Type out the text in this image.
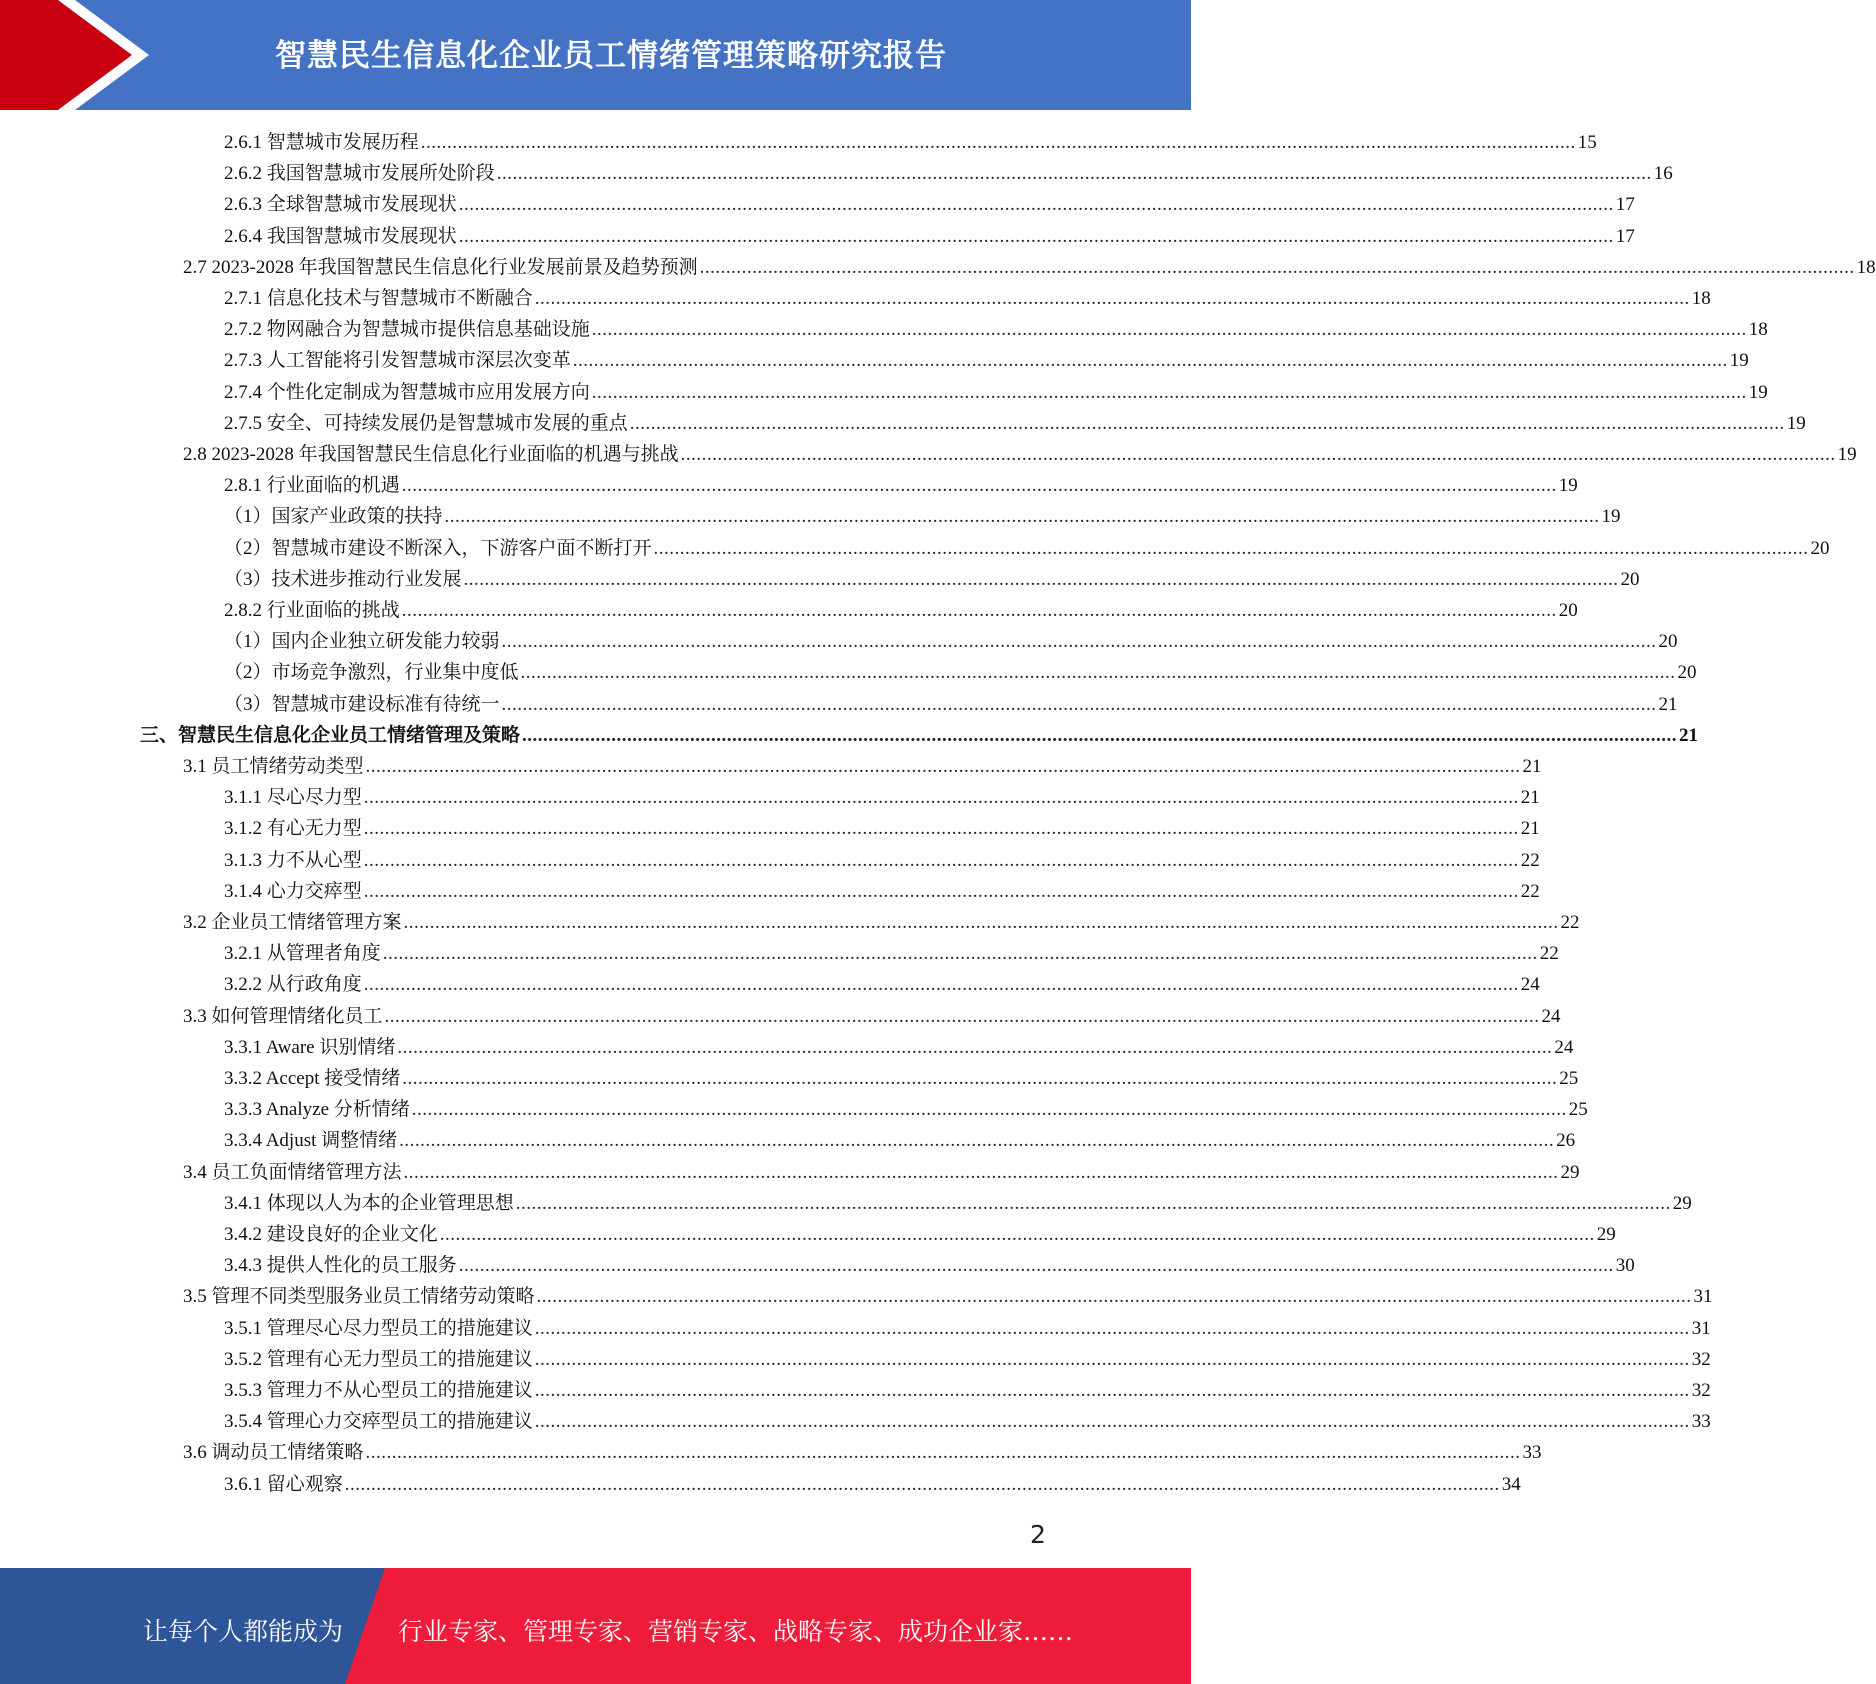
智慧民生信息化企业员工情绪管理策略研究报告
2.6.1 智慧城市发展历程 ............................................................................................................................................................................................................................ 15
2.6.2 我国智慧城市发展所处阶段 ............................................................................................................................................................................................................................ 16
2.6.3 全球智慧城市发展现状 ............................................................................................................................................................................................................................ 17
2.6.4 我国智慧城市发展现状 ............................................................................................................................................................................................................................ 17
2.7 2023-2028 年我国智慧民生信息化行业发展前景及趋势预测 ............................................................................................................................................................................................................................ 18
2.7.1 信息化技术与智慧城市不断融合 ............................................................................................................................................................................................................................ 18
2.7.2 物网融合为智慧城市提供信息基础设施 ............................................................................................................................................................................................................................ 18
2.7.3 人工智能将引发智慧城市深层次变革 ............................................................................................................................................................................................................................ 19
2.7.4 个性化定制成为智慧城市应用发展方向 ............................................................................................................................................................................................................................ 19
2.7.5 安全、可持续发展仍是智慧城市发展的重点 ............................................................................................................................................................................................................................ 19
2.8 2023-2028 年我国智慧民生信息化行业面临的机遇与挑战 ............................................................................................................................................................................................................................ 19
2.8.1 行业面临的机遇 ............................................................................................................................................................................................................................ 19
（1）国家产业政策的扶持 ............................................................................................................................................................................................................................ 19
（2）智慧城市建设不断深入，下游客户面不断打开 ............................................................................................................................................................................................................................ 20
（3）技术进步推动行业发展 ............................................................................................................................................................................................................................ 20
2.8.2 行业面临的挑战 ............................................................................................................................................................................................................................ 20
（1）国内企业独立研发能力较弱 ............................................................................................................................................................................................................................ 20
（2）市场竞争激烈，行业集中度低 ............................................................................................................................................................................................................................ 20
（3）智慧城市建设标准有待统一 ............................................................................................................................................................................................................................ 21
三、智慧民生信息化企业员工情绪管理及策略 ............................................................................................................................................................................................................................ 21
3.1 员工情绪劳动类型 ............................................................................................................................................................................................................................ 21
3.1.1 尽心尽力型 ............................................................................................................................................................................................................................ 21
3.1.2 有心无力型 ............................................................................................................................................................................................................................ 21
3.1.3 力不从心型 ............................................................................................................................................................................................................................ 22
3.1.4 心力交瘁型 ............................................................................................................................................................................................................................ 22
3.2 企业员工情绪管理方案 ............................................................................................................................................................................................................................ 22
3.2.1 从管理者角度 ............................................................................................................................................................................................................................ 22
3.2.2 从行政角度 ............................................................................................................................................................................................................................ 24
3.3 如何管理情绪化员工 ............................................................................................................................................................................................................................ 24
3.3.1 Aware 识别情绪 ............................................................................................................................................................................................................................ 24
3.3.2 Accept 接受情绪 ............................................................................................................................................................................................................................ 25
3.3.3 Analyze 分析情绪 ............................................................................................................................................................................................................................ 25
3.3.4 Adjust 调整情绪 ............................................................................................................................................................................................................................ 26
3.4 员工负面情绪管理方法 ............................................................................................................................................................................................................................ 29
3.4.1 体现以人为本的企业管理思想 ............................................................................................................................................................................................................................ 29
3.4.2 建设良好的企业文化 ............................................................................................................................................................................................................................ 29
3.4.3 提供人性化的员工服务 ............................................................................................................................................................................................................................ 30
3.5 管理不同类型服务业员工情绪劳动策略 ............................................................................................................................................................................................................................ 31
3.5.1 管理尽心尽力型员工的措施建议 ............................................................................................................................................................................................................................ 31
3.5.2 管理有心无力型员工的措施建议 ............................................................................................................................................................................................................................ 32
3.5.3 管理力不从心型员工的措施建议 ............................................................................................................................................................................................................................ 32
3.5.4 管理心力交瘁型员工的措施建议 ............................................................................................................................................................................................................................ 33
3.6 调动员工情绪策略 ............................................................................................................................................................................................................................ 33
3.6.1 留心观察 ............................................................................................................................................................................................................................ 34
2
让每个人都能成为 行业专家、管理专家、营销专家、战略专家、成功企业家……
